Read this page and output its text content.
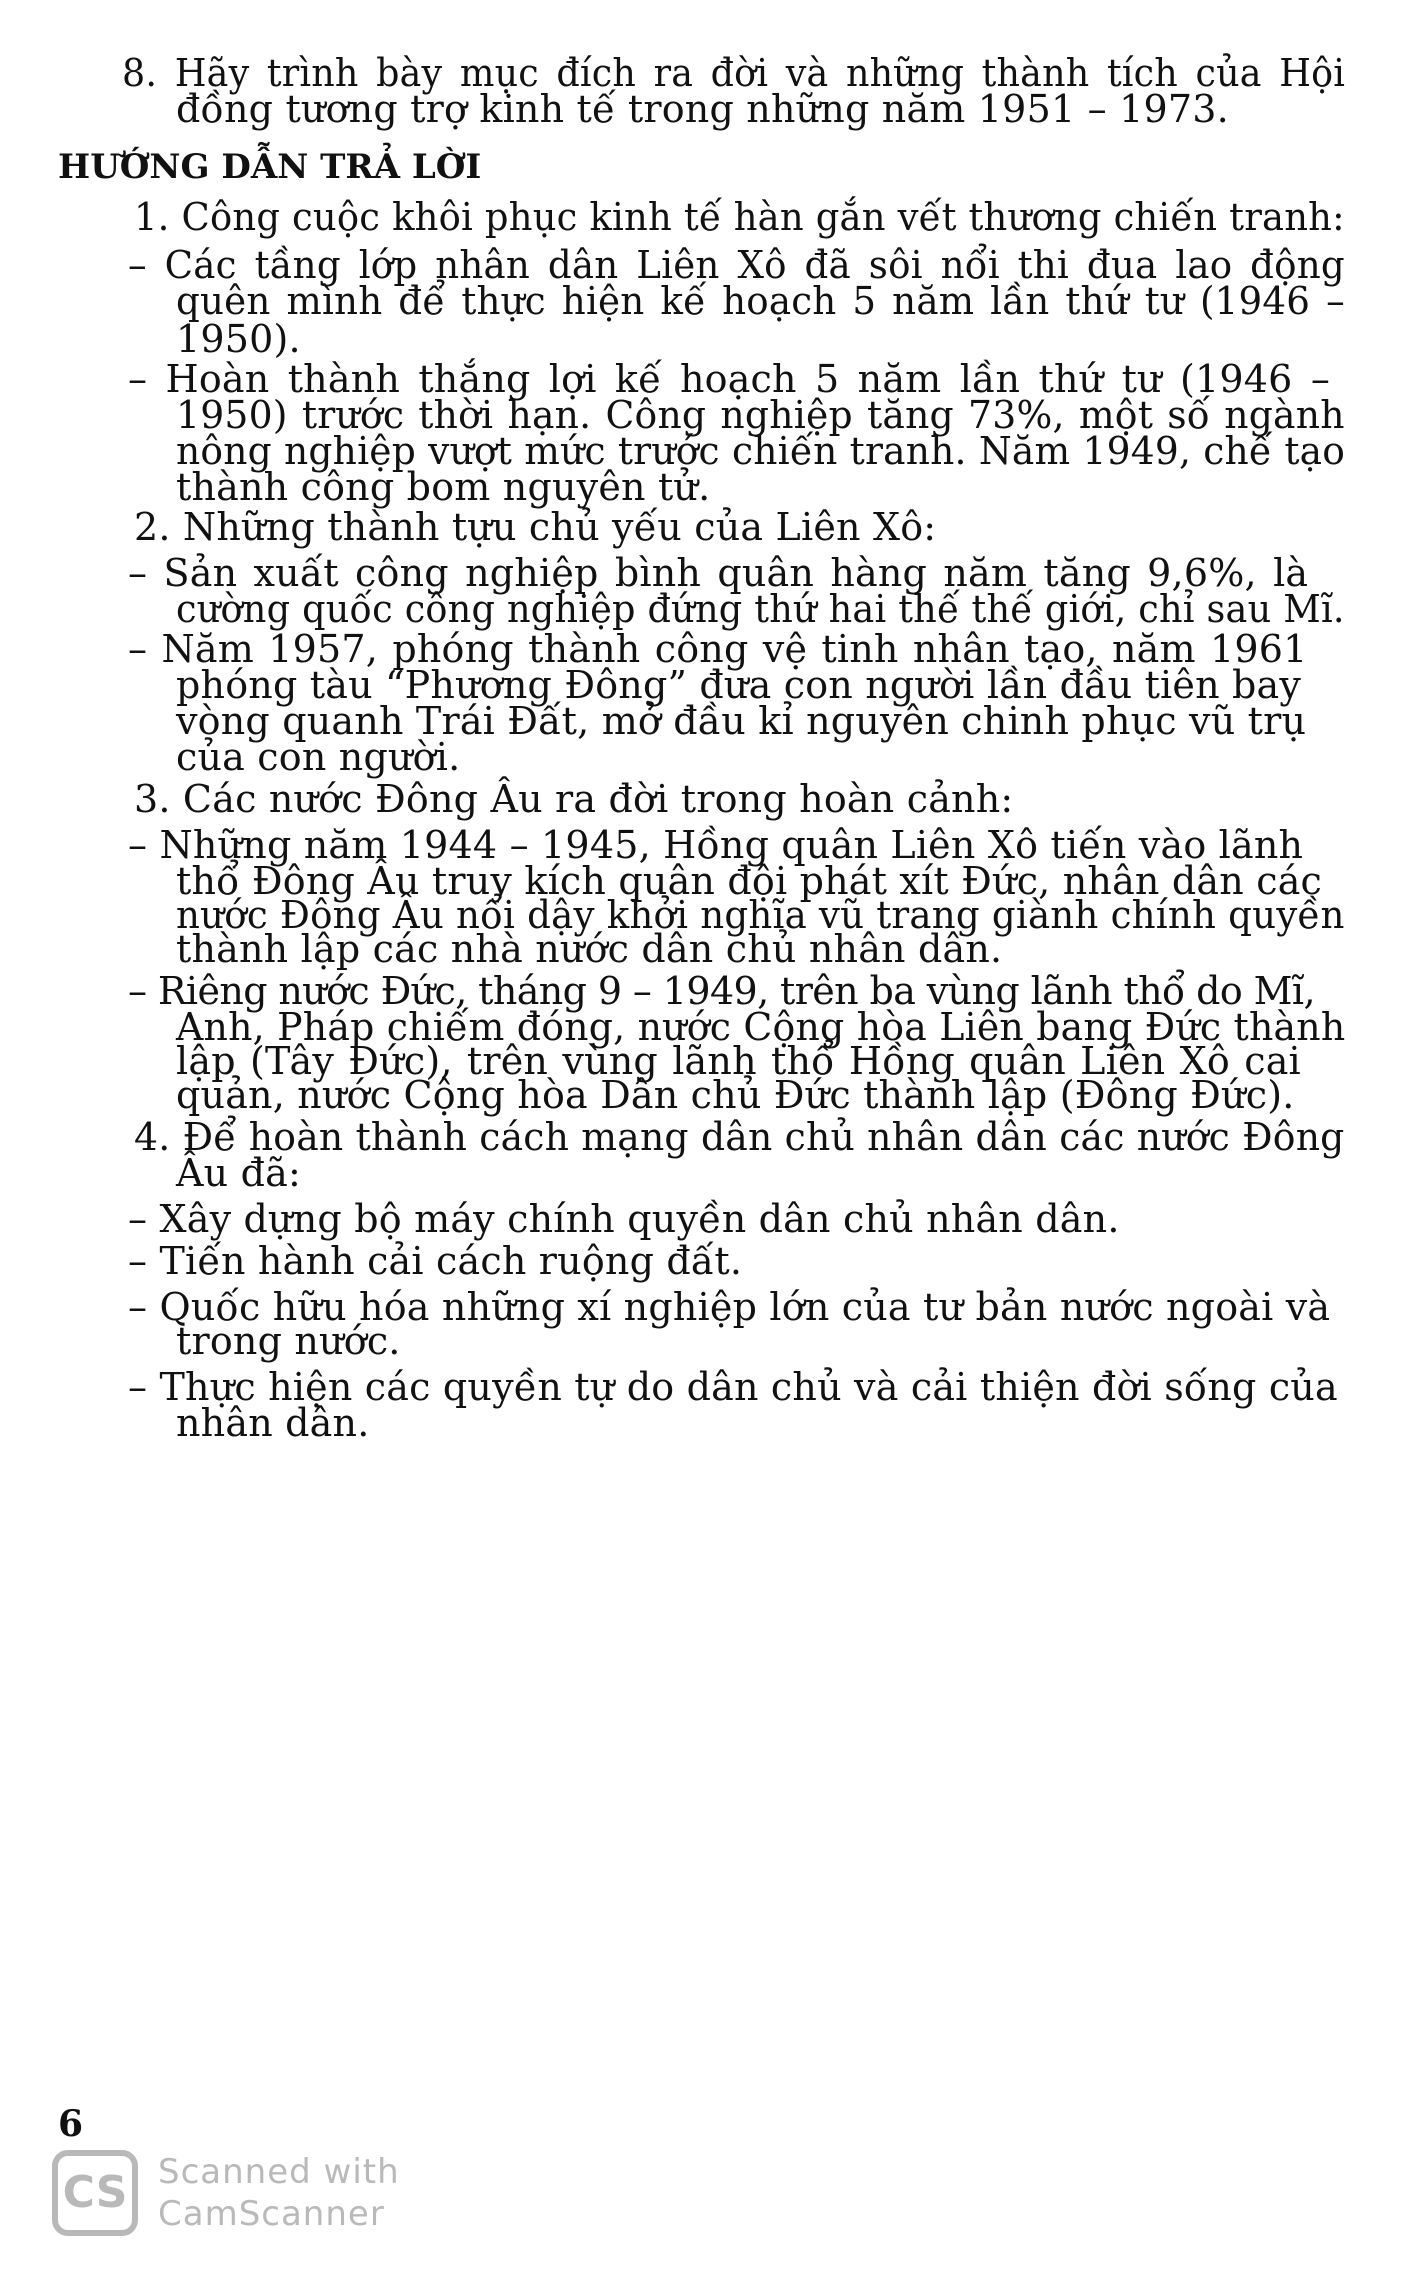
8. Hãy trình bày mục đích ra đời và những thành tích của Hội
đồng tương trợ kinh tế trong những năm 1951 – 1973.
HƯỚNG DẪN TRẢ LỜI
1. Công cuộc khôi phục kinh tế hàn gắn vết thương chiến tranh:
– Các tầng lớp nhân dân Liên Xô đã sôi nổi thi đua lao động
quên mình để thực hiện kế hoạch 5 năm lần thứ tư (1946 –
1950).
– Hoàn thành thắng lợi kế hoạch 5 năm lần thứ tư (1946 –
1950) trước thời hạn. Công nghiệp tăng 73%, một số ngành
nông nghiệp vượt mức trước chiến tranh. Năm 1949, chế tạo
thành công bom nguyên tử.
2. Những thành tựu chủ yếu của Liên Xô:
– Sản xuất công nghiệp bình quân hàng năm tăng 9,6%, là
cường quốc công nghiệp đứng thứ hai thế thế giới, chỉ sau Mĩ.
– Năm 1957, phóng thành công vệ tinh nhân tạo, năm 1961
phóng tàu “Phương Đông” đưa con người lần đầu tiên bay
vòng quanh Trái Đất, mở đầu kỉ nguyên chinh phục vũ trụ
của con người.
3. Các nước Đông Âu ra đời trong hoàn cảnh:
– Những năm 1944 – 1945, Hồng quân Liên Xô tiến vào lãnh
thổ Đông Âu truy kích quân đội phát xít Đức, nhân dân các
nước Đông Âu nổi dậy khởi nghĩa vũ trang giành chính quyền
thành lập các nhà nước dân chủ nhân dân.
– Riêng nước Đức, tháng 9 – 1949, trên ba vùng lãnh thổ do Mĩ,
Anh, Pháp chiếm đóng, nước Cộng hòa Liên bang Đức thành
lập (Tây Đức), trên vùng lãnh thổ Hồng quân Liên Xô cai
quản, nước Cộng hòa Dân chủ Đức thành lập (Đông Đức).
4. Để hoàn thành cách mạng dân chủ nhân dân các nước Đông
Âu đã:
– Xây dựng bộ máy chính quyền dân chủ nhân dân.
– Tiến hành cải cách ruộng đất.
– Quốc hữu hóa những xí nghiệp lớn của tư bản nước ngoài và
trong nước.
– Thực hiện các quyền tự do dân chủ và cải thiện đời sống của
nhân dân.
6
CS Scanned with
CamScanner
